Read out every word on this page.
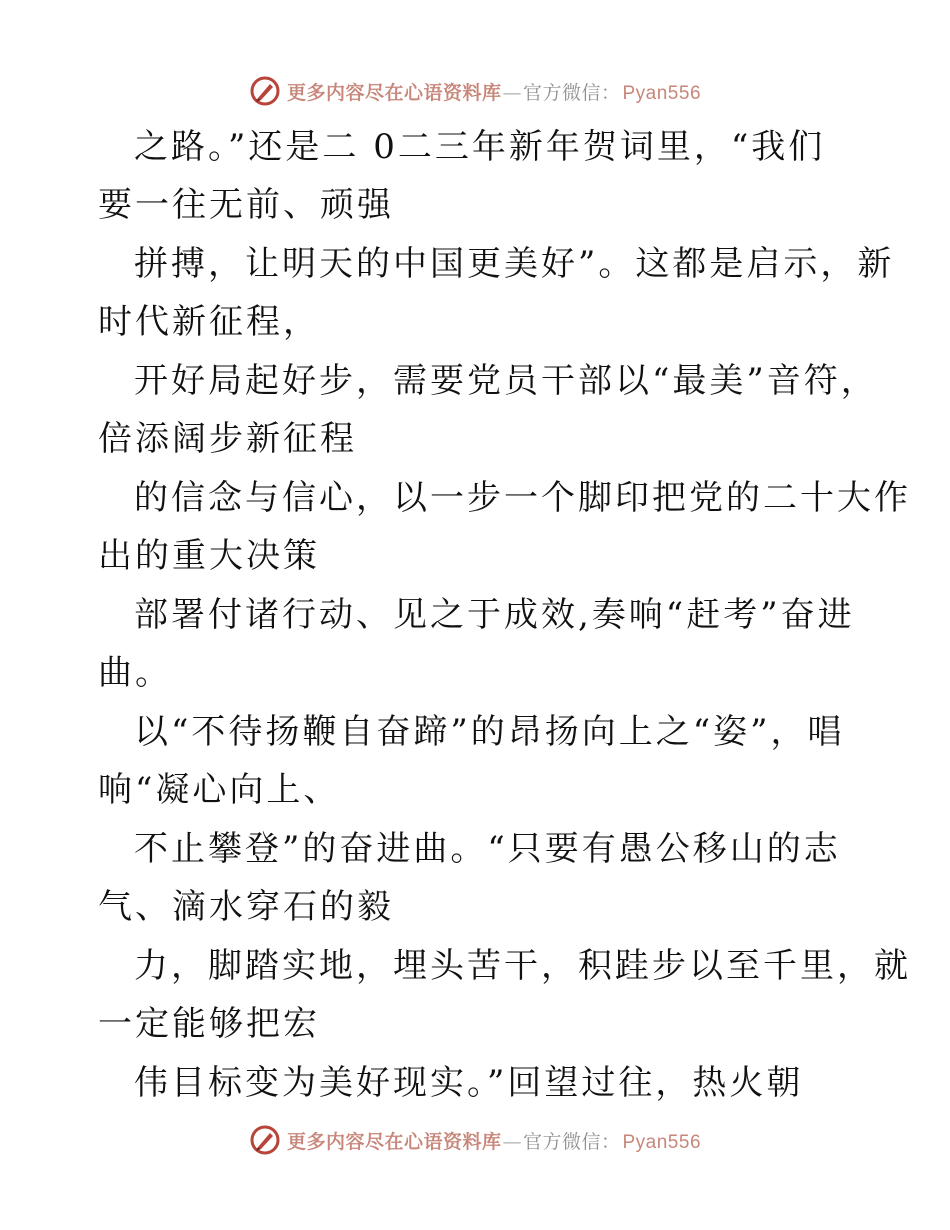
更多内容尽在心语资料库 — 官方微信： Pyan556
之路。”还是二 0二三年新年贺词里，“我们
要一往无前、顽强
拼搏，让明天的中国更美好”。这都是启示，新
时代新征程，
开好局起好步，需要党员干部以“最美”音符，
倍添阔步新征程
的信念与信心，以一步一个脚印把党的二十大作
出的重大决策
部署付诸行动、见之于成效,奏响“赶考”奋进
曲。
以“不待扬鞭自奋蹄”的昂扬向上之“姿”，唱
响“凝心向上、
不止攀登”的奋进曲。“只要有愚公移山的志
气、滴水穿石的毅
力，脚踏实地，埋头苦干，积跬步以至千里，就
一定能够把宏
伟目标变为美好现实。”回望过往，热火朝
更多内容尽在心语资料库 — 官方微信： Pyan556
